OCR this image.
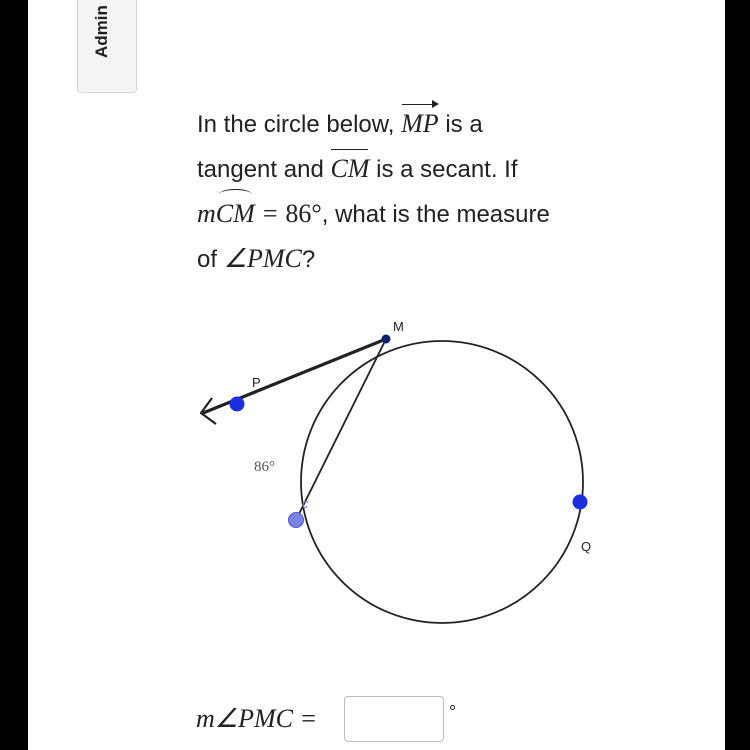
Admin

In the circle below, MP is a

tangent and CM is a secant. If

mCM = 86°, what is the measure

of ∠PMC?

M
P
c
Q
86°
m∠PMC =	°
